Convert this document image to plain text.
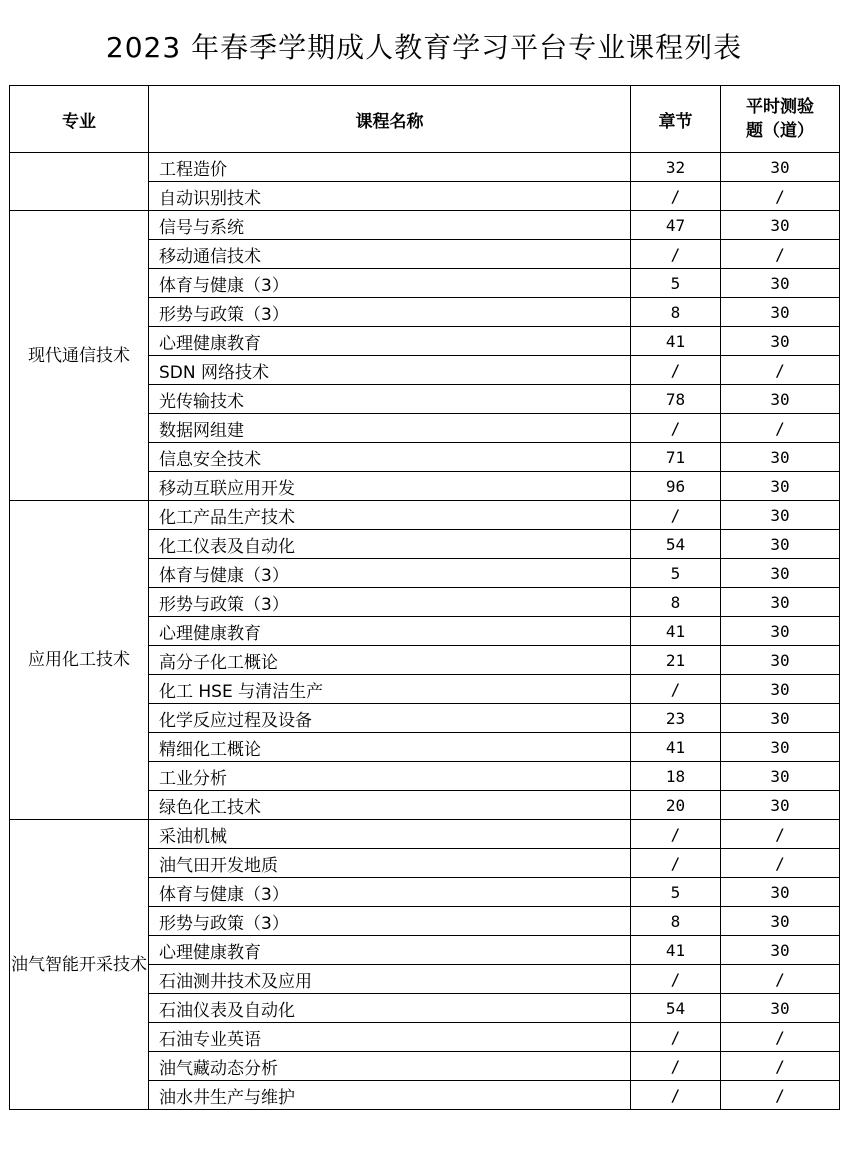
2023 年春季学期成人教育学习平台专业课程列表
专业	课程名称	章节	平时测验
题（道）
	工程造价	32	30
	自动识别技术	/	/
现代通信技术	信号与系统	47	30
	移动通信技术	/	/
	体育与健康（3）	5	30
	形势与政策（3）	8	30
	心理健康教育	41	30
	SDN 网络技术	/	/
	光传输技术	78	30
	数据网组建	/	/
	信息安全技术	71	30
	移动互联应用开发	96	30
应用化工技术	化工产品生产技术	/	30
	化工仪表及自动化	54	30
	体育与健康（3）	5	30
	形势与政策（3）	8	30
	心理健康教育	41	30
	高分子化工概论	21	30
	化工 HSE 与清洁生产	/	30
	化学反应过程及设备	23	30
	精细化工概论	41	30
	工业分析	18	30
	绿色化工技术	20	30
油气智能开采技术	采油机械	/	/
	油气田开发地质	/	/
	体育与健康（3）	5	30
	形势与政策（3）	8	30
	心理健康教育	41	30
	石油测井技术及应用	/	/
	石油仪表及自动化	54	30
	石油专业英语	/	/
	油气藏动态分析	/	/
	油水井生产与维护	/	/
